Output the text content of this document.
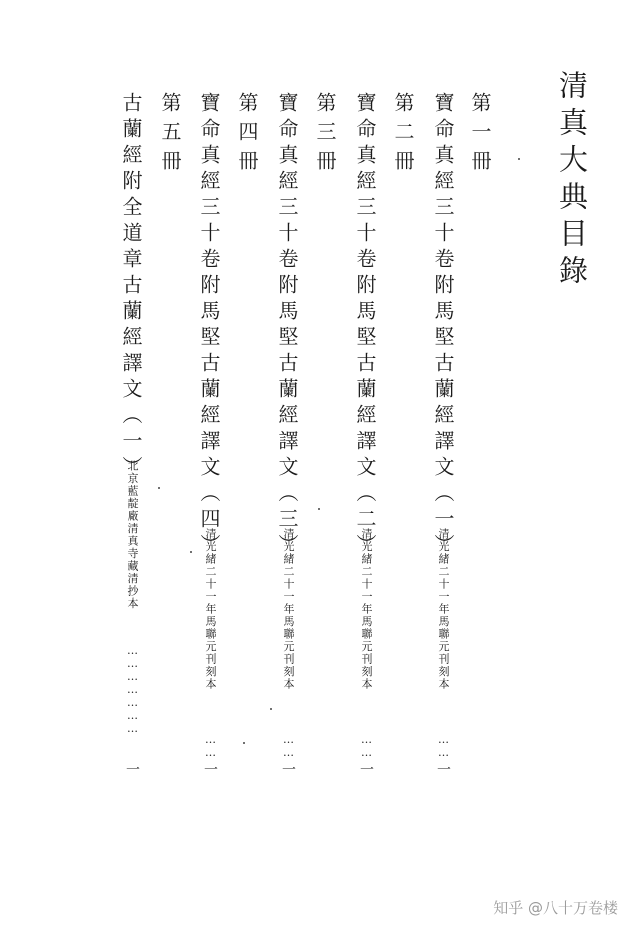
清真大典目錄
第一冊
寶命真經三十卷附馬堅古蘭經譯文（一）
清光緒二十一年馬聯元刊刻本
……
一
第二冊
寶命真經三十卷附馬堅古蘭經譯文（二）
清光緒二十一年馬聯元刊刻本
……
一
第三冊
寶命真經三十卷附馬堅古蘭經譯文（三）
清光緒二十一年馬聯元刊刻本
……
一
第四冊
寶命真經三十卷附馬堅古蘭經譯文（四）
清光緒二十一年馬聯元刊刻本
……
一
第五冊
古蘭經附全道章古蘭經譯文（一）
北京藍靛廠清真寺藏清抄本
…………………
一
知乎 @八十万卷楼
